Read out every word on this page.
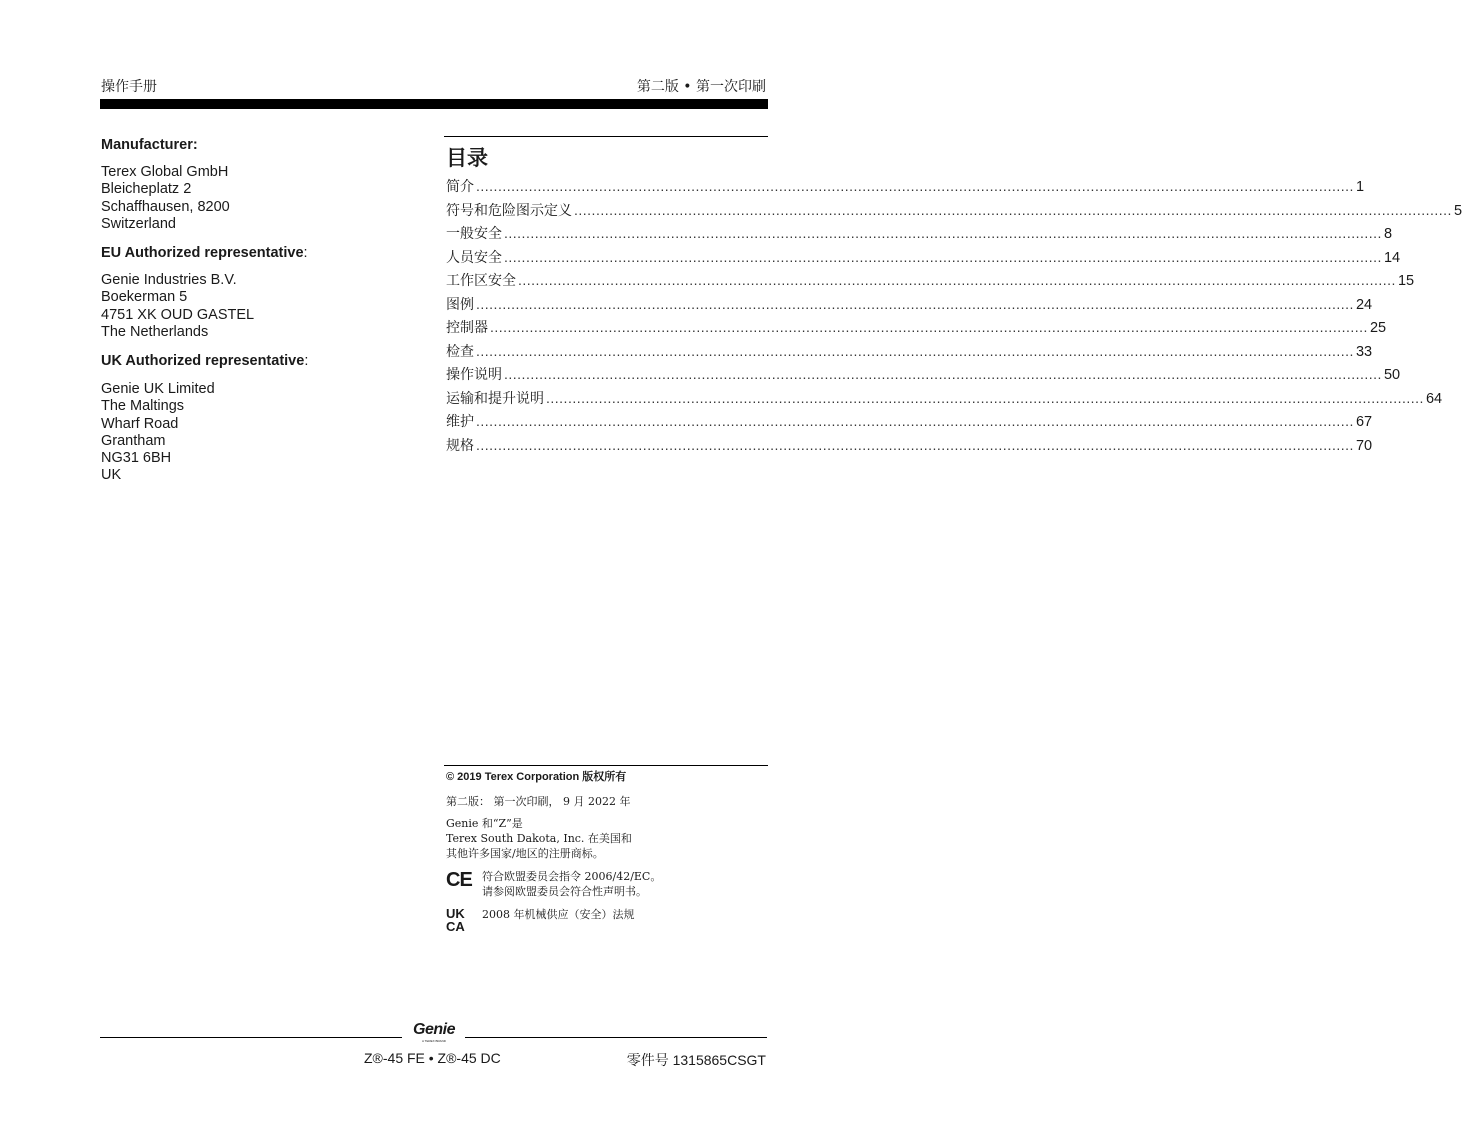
操作手册	第二版 • 第一次印刷
Manufacturer:
Terex Global GmbH
Bleicheplatz 2
Schaffhausen, 8200
Switzerland
EU Authorized representative:
Genie Industries B.V.
Boekerman 5
4751 XK OUD GASTEL
The Netherlands
UK Authorized representative:
Genie UK Limited
The Maltings
Wharf Road
Grantham
NG31 6BH
UK
目录
简介 ........................................................................................................................................................................................................ 1
符号和危险图示定义 ........................................................................................................................................................................................................ 5
一般安全 ........................................................................................................................................................................................................ 8
人员安全 ........................................................................................................................................................................................................ 14
工作区安全 ........................................................................................................................................................................................................ 15
图例 ........................................................................................................................................................................................................ 24
控制器 ........................................................................................................................................................................................................ 25
检查 ........................................................................................................................................................................................................ 33
操作说明 ........................................................................................................................................................................................................ 50
运输和提升说明 ........................................................................................................................................................................................................ 64
维护 ........................................................................................................................................................................................................ 67
规格 ........................................................................................................................................................................................................ 70
© 2019 Terex Corporation 版权所有
第二版： 第一次印刷， 9 月 2022 年
Genie 和“Z”是
Terex South Dakota, Inc. 在美国和
其他许多国家/地区的注册商标。
CE 符合欧盟委员会指令 2006/42/EC。
请参阅欧盟委员会符合性声明书。
UK
CA
2008 年机械供应（安全）法规
Genie
A TEREX BRAND
Z®-45 FE • Z®-45 DC	零件号 1315865CSGT
